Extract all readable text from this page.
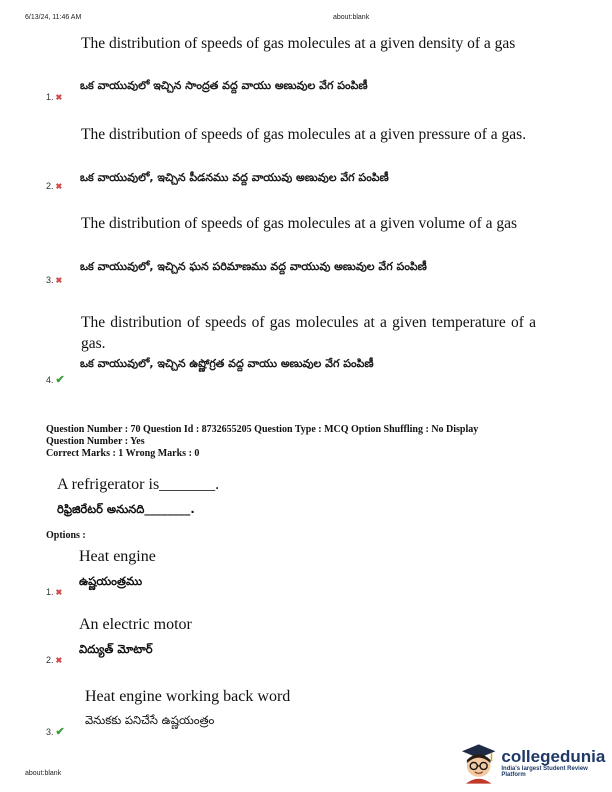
6/13/24, 11:46 AM	about:blank
The distribution of speeds of gas molecules at a given density of a gas
ఒక వాయువులో ఇచ్చిన సాంద్రత వద్ద వాయు అణువుల వేగ పంపిణీ
1. ✖
The distribution of speeds of gas molecules at a given pressure of a gas.
ఒక వాయువులో, ఇచ్చిన పీడనము వద్ద వాయువు అణువుల వేగ పంపిణీ
2. ✖
The distribution of speeds of gas molecules at a given volume of a gas
ఒక వాయువులో, ఇచ్చిన ఘన పరిమాణము వద్ద వాయువు అణువుల వేగ పంపిణీ
3. ✖
The distribution of speeds of gas molecules at a given temperature of a gas.
ఒక వాయువులో, ఇచ్చిన ఉష్ణోగ్రత వద్ద వాయు అణువుల వేగ పంపిణీ
4. ✔
Question Number : 70 Question Id : 8732655205 Question Type : MCQ Option Shuffling : No Display
Question Number : Yes
Correct Marks : 1 Wrong Marks : 0
A refrigerator is_______.
రిఫ్రిజిరేటర్ అనునది________.
Options :
Heat engine
ఉష్ణయంత్రము
1. ✖
An electric motor
విద్యుత్ మోటార్
2. ✖
Heat engine working back word
వెనుకకు పనిచేసే ఉష్ణయంత్రం
3. ✔
about:blank
collegedunia
India's largest Student Review Platform
